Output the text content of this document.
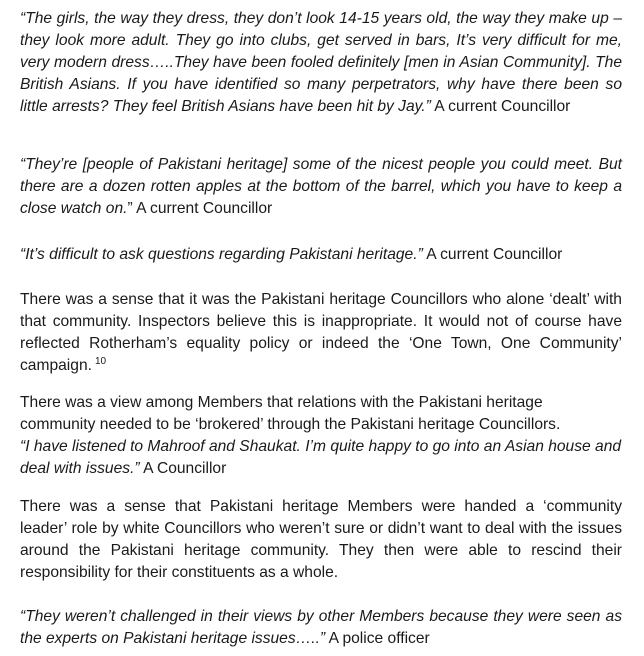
“The girls, the way they dress, they don’t look 14-15 years old, the way they make up – they look more adult. They go into clubs, get served in bars, It’s very difficult for me, very modern dress…..They have been fooled definitely [men in Asian Community]. The British Asians. If you have identified so many perpetrators, why have there been so little arrests? They feel British Asians have been hit by Jay.” A current Councillor

“They’re [people of Pakistani heritage] some of the nicest people you could meet. But there are a dozen rotten apples at the bottom of the barrel, which you have to keep a close watch on.” A current Councillor

“It’s difficult to ask questions regarding Pakistani heritage.” A current Councillor

There was a sense that it was the Pakistani heritage Councillors who alone ‘dealt’ with that community. Inspectors believe this is inappropriate. It would not of course have reflected Rotherham’s equality policy or indeed the ‘One Town, One Community’ campaign. $^{10}$

There was a view among Members that relations with the Pakistani heritage community needed to be ‘brokered’ through the Pakistani heritage Councillors.
“I have listened to Mahroof and Shaukat. I’m quite happy to go into an Asian house and deal with issues.” A Councillor

There was a sense that Pakistani heritage Members were handed a ‘community leader’ role by white Councillors who weren’t sure or didn’t want to deal with the issues around the Pakistani heritage community. They then were able to rescind their responsibility for their constituents as a whole.

“They weren’t challenged in their views by other Members because they were seen as the experts on Pakistani heritage issues…..” A police officer
